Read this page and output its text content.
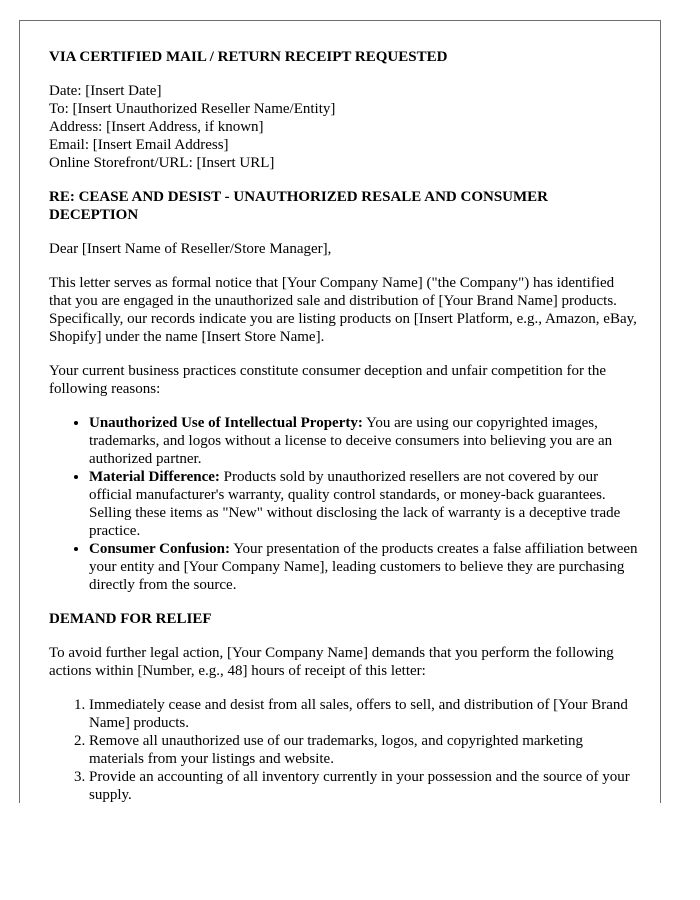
VIA CERTIFIED MAIL / RETURN RECEIPT REQUESTED
Date: [Insert Date]
To: [Insert Unauthorized Reseller Name/Entity]
Address: [Insert Address, if known]
Email: [Insert Email Address]
Online Storefront/URL: [Insert URL]
RE: CEASE AND DESIST - UNAUTHORIZED RESALE AND CONSUMER DECEPTION

Dear [Insert Name of Reseller/Store Manager],

This letter serves as formal notice that [Your Company Name] ("the Company") has identified that you are engaged in the unauthorized sale and distribution of [Your Brand Name] products. Specifically, our records indicate you are listing products on [Insert Platform, e.g., Amazon, eBay, Shopify] under the name [Insert Store Name].

Your current business practices constitute consumer deception and unfair competition for the following reasons:

• Unauthorized Use of Intellectual Property: You are using our copyrighted images, trademarks, and logos without a license to deceive consumers into believing you are an authorized partner.
• Material Difference: Products sold by unauthorized resellers are not covered by our official manufacturer's warranty, quality control standards, or money-back guarantees. Selling these items as "New" without disclosing the lack of warranty is a deceptive trade practice.
• Consumer Confusion: Your presentation of the products creates a false affiliation between your entity and [Your Company Name], leading customers to believe they are purchasing directly from the source.
DEMAND FOR RELIEF

To avoid further legal action, [Your Company Name] demands that you perform the following actions within [Number, e.g., 48] hours of receipt of this letter:

1. Immediately cease and desist from all sales, offers to sell, and distribution of [Your Brand Name] products.
2. Remove all unauthorized use of our trademarks, logos, and copyrighted marketing materials from your listings and website.
3. Provide an accounting of all inventory currently in your possession and the source of your supply.
